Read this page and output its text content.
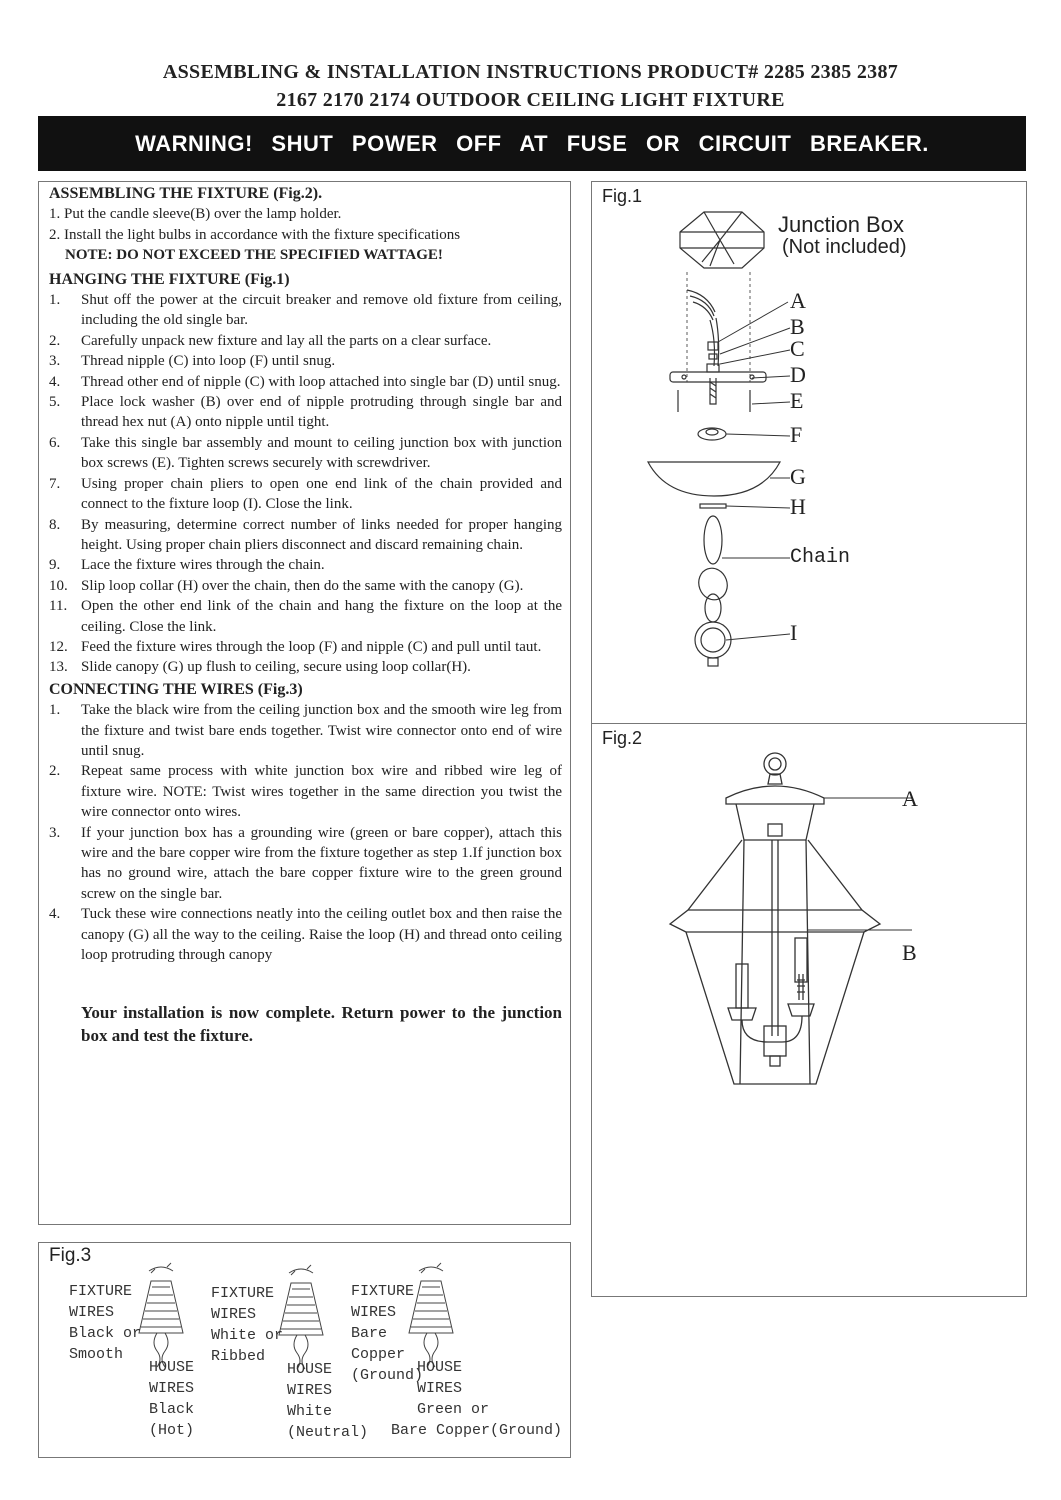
ASSEMBLING & INSTALLATION INSTRUCTIONS PRODUCT# 2285 2385 2387
2167 2170 2174 OUTDOOR CEILING LIGHT FIXTURE
WARNING! SHUT POWER OFF AT FUSE OR CIRCUIT BREAKER.
ASSEMBLING THE FIXTURE (Fig.2).
1. Put the candle sleeve(B) over the lamp holder.
2. Install the light bulbs in accordance with the fixture specifications
NOTE: DO NOT EXCEED THE SPECIFIED WATTAGE!
HANGING THE FIXTURE (Fig.1)
1. Shut off the power at the circuit breaker and remove old fixture from ceiling, including the old single bar.
2. Carefully unpack new fixture and lay all the parts on a clear surface.
3. Thread nipple (C) into loop (F) until snug.
4. Thread other end of nipple (C) with loop attached into single bar (D) until snug.
5. Place lock washer (B) over end of nipple protruding through single bar and thread hex nut (A) onto nipple until tight.
6. Take this single bar assembly and mount to ceiling junction box with junction box screws (E). Tighten screws securely with screwdriver.
7. Using proper chain pliers to open one end link of the chain provided and connect to the fixture loop (I). Close the link.
8. By measuring, determine correct number of links needed for proper hanging height. Using proper chain pliers disconnect and discard remaining chain.
9. Lace the fixture wires through the chain.
10. Slip loop collar (H) over the chain, then do the same with the canopy (G).
11. Open the other end link of the chain and hang the fixture on the loop at the ceiling. Close the link.
12. Feed the fixture wires through the loop (F) and nipple (C) and pull until taut.
13. Slide canopy (G) up flush to ceiling, secure using loop collar(H).
CONNECTING THE WIRES (Fig.3)
1. Take the black wire from the ceiling junction box and the smooth wire leg from the fixture and twist bare ends together. Twist wire connector onto end of wire until snug.
2. Repeat same process with white junction box wire and ribbed wire leg of fixture wire. NOTE: Twist wires together in the same direction you twist the wire connector onto wires.
3. If your junction box has a grounding wire (green or bare copper), attach this wire and the bare copper wire from the fixture together as step 1.If junction box has no ground wire, attach the bare copper fixture wire to the green ground screw on the single bar.
4. Tuck these wire connections neatly into the ceiling outlet box and then raise the canopy (G) all the way to the ceiling. Raise the loop (H) and thread onto ceiling loop protruding through canopy
Your installation is now complete. Return power to the junction box and test the fixture.
Fig.3
FIXTURE
WIRES
Black or
Smooth
HOUSE
WIRES
Black
(Hot)
FIXTURE
WIRES
White or
Ribbed
HOUSE
WIRES
White
(Neutral)
FIXTURE
WIRES
Bare
Copper
(Ground)
HOUSE
WIRES
Green or
Bare Copper(Ground)
Fig.1
Fig.2
Junction Box
(Not included)
A
B
C
D
E
F
G
H
Chain
I
A
B
